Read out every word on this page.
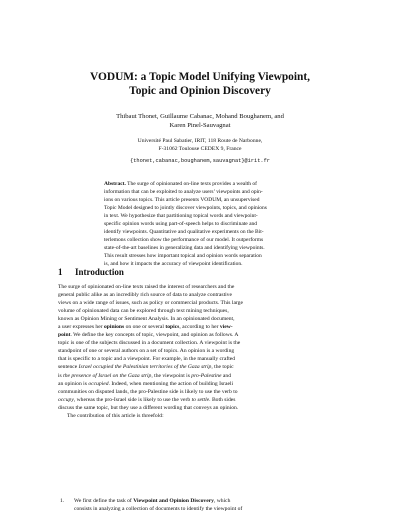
VODUM: a Topic Model Unifying Viewpoint,
Topic and Opinion Discovery
Thibaut Thonet, Guillaume Cabanac, Mohand Boughanem, and
Karen Pinel-Sauvagnat
Université Paul Sabatier, IRIT, 118 Route de Narbonne,
F-31062 Toulouse CEDEX 9, France
{thonet,cabanac,boughanem,sauvagnat}@irit.fr
Abstract. The surge of opinionated on-line texts provides a wealth of
information that can be exploited to analyze users’ viewpoints and opin-
ions on various topics. This article presents VODUM, an unsupervised
Topic Model designed to jointly discover viewpoints, topics, and opinions
in text. We hypothesize that partitioning topical words and viewpoint-
specific opinion words using part-of-speech helps to discriminate and
identify viewpoints. Quantitative and qualitative experiments on the Bit-
terlemons collection show the performance of our model. It outperforms
state-of-the-art baselines in generalizing data and identifying viewpoints.
This result stresses how important topical and opinion words separation
is, and how it impacts the accuracy of viewpoint identification.
1 Introduction
The surge of opinionated on-line texts raised the interest of researchers and the
general public alike as an incredibly rich source of data to analyze contrastive
views on a wide range of issues, such as policy or commercial products. This large
volume of opinionated data can be explored through text mining techniques,
known as Opinion Mining or Sentiment Analysis. In an opinionated document,
a user expresses her opinions on one or several topics, according to her view-
point. We define the key concepts of topic, viewpoint, and opinion as follows. A
topic is one of the subjects discussed in a document collection. A viewpoint is the
standpoint of one or several authors on a set of topics. An opinion is a wording
that is specific to a topic and a viewpoint. For example, in the manually crafted
sentence Israel occupied the Palestinian territories of the Gaza strip, the topic
is the presence of Israel on the Gaza strip, the viewpoint is pro-Palestine and
an opinion is occupied. Indeed, when mentioning the action of building Israeli
communities on disputed lands, the pro-Palestine side is likely to use the verb to
occupy, whereas the pro-Israel side is likely to use the verb to settle. Both sides
discuss the same topic, but they use a different wording that conveys an opinion.
The contribution of this article is threefold:
1. We first define the task of Viewpoint and Opinion Discovery, which
consists in analyzing a collection of documents to identify the viewpoint of
